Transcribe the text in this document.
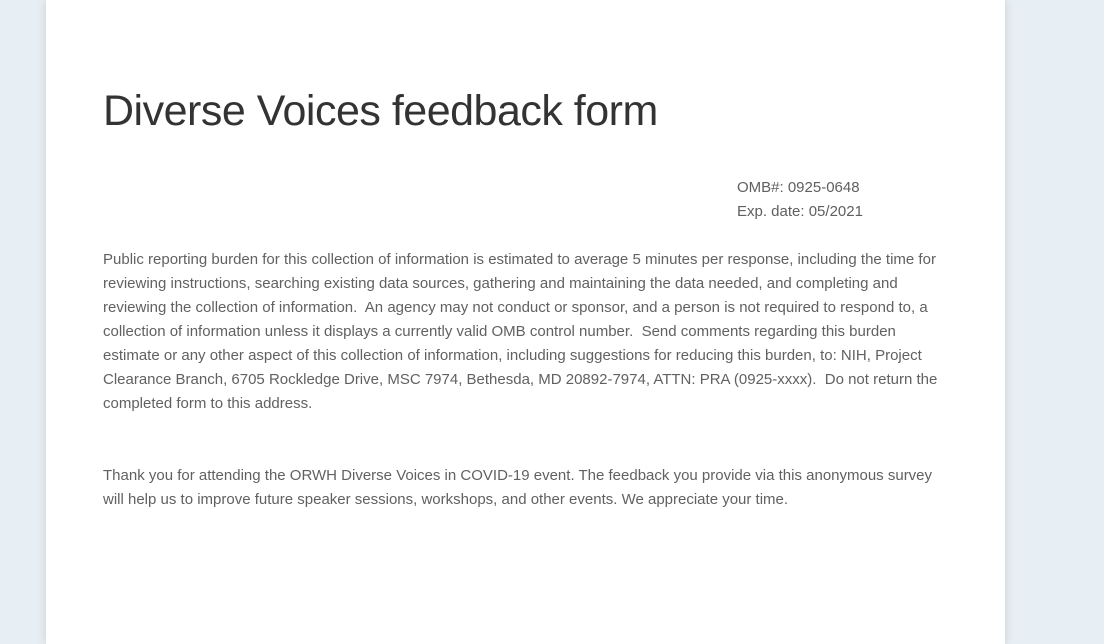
Diverse Voices feedback form
OMB#: 0925-0648
Exp. date: 05/2021

Public reporting burden for this collection of information is estimated to average 5 minutes per response, including the time for reviewing instructions, searching existing data sources, gathering and maintaining the data needed, and completing and reviewing the collection of information.  An agency may not conduct or sponsor, and a person is not required to respond to, a collection of information unless it displays a currently valid OMB control number.  Send comments regarding this burden estimate or any other aspect of this collection of information, including suggestions for reducing this burden, to: NIH, Project Clearance Branch, 6705 Rockledge Drive, MSC 7974, Bethesda, MD 20892-7974, ATTN: PRA (0925-xxxx).  Do not return the completed form to this address.

Thank you for attending the ORWH Diverse Voices in COVID-19 event. The feedback you provide via this anonymous survey will help us to improve future speaker sessions, workshops, and other events. We appreciate your time.
